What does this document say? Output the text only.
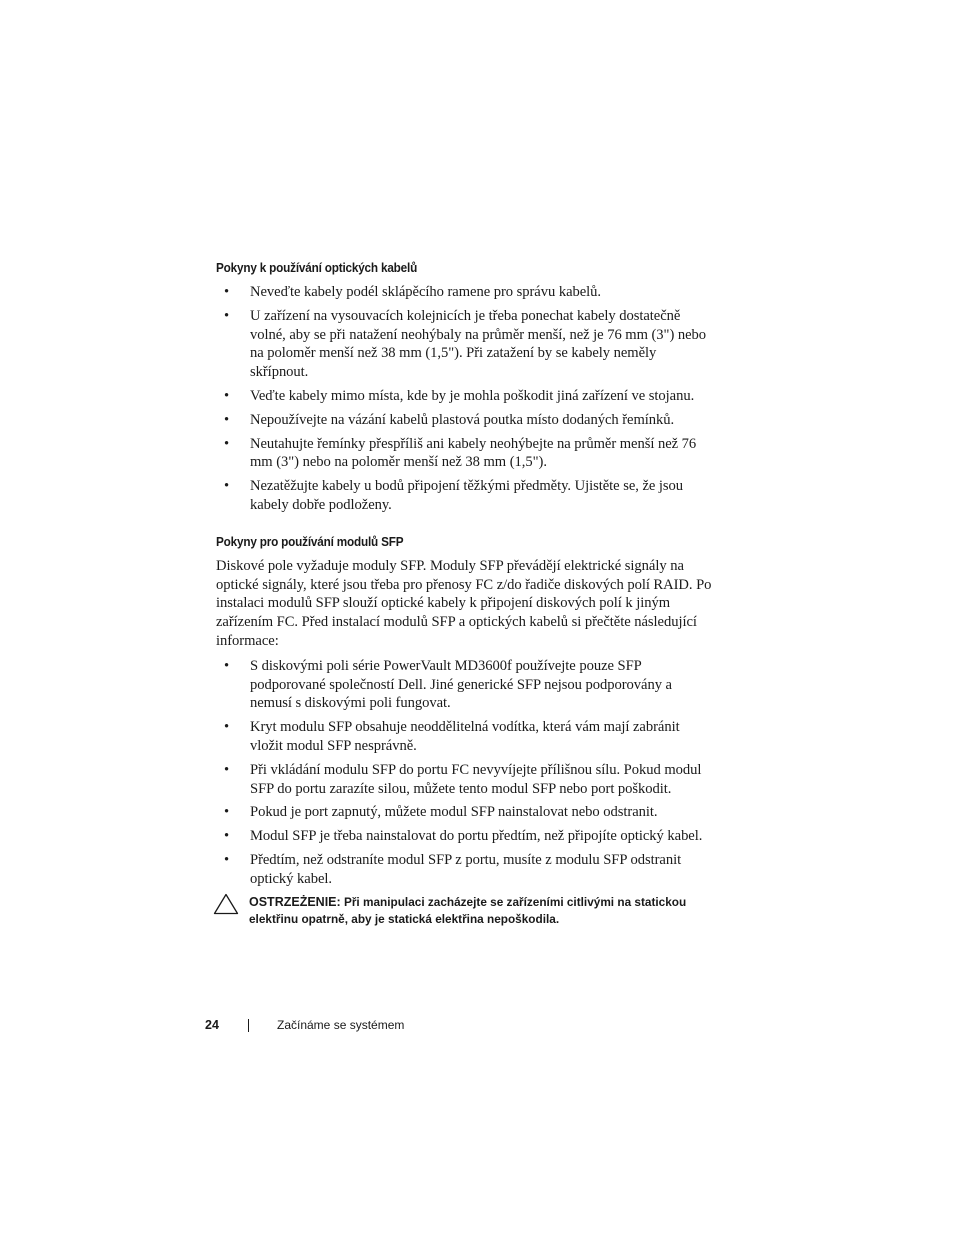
Pokyny k používání optických kabelů
• Neveďte kabely podél sklápěcího ramene pro správu kabelů.
• U zařízení na vysouvacích kolejnicích je třeba ponechat kabely dostatečně volné, aby se při natažení neohýbaly na průměr menší, než je 76 mm (3") nebo na poloměr menší než 38 mm (1,5"). Při zatažení by se kabely neměly skřípnout.
• Veďte kabely mimo místa, kde by je mohla poškodit jiná zařízení ve stojanu.
• Nepoužívejte na vázání kabelů plastová poutka místo dodaných řemínků.
• Neutahujte řemínky přespříliš ani kabely neohýbejte na průměr menší než 76 mm (3") nebo na poloměr menší než 38 mm (1,5").
• Nezatěžujte kabely u bodů připojení těžkými předměty. Ujistěte se, že jsou kabely dobře podloženy.
Pokyny pro používání modulů SFP

Diskové pole vyžaduje moduly SFP. Moduly SFP převádějí elektrické signály na optické signály, které jsou třeba pro přenosy FC z/do řadiče diskových polí RAID. Po instalaci modulů SFP slouží optické kabely k připojení diskových polí k jiným zařízením FC. Před instalací modulů SFP a optických kabelů si přečtěte následující informace:

• S diskovými poli série PowerVault MD3600f používejte pouze SFP podporované společností Dell. Jiné generické SFP nejsou podporovány a nemusí s diskovými poli fungovat.
• Kryt modulu SFP obsahuje neoddělitelná vodítka, která vám mají zabránit vložit modul SFP nesprávně.
• Při vkládání modulu SFP do portu FC nevyvíjejte přílišnou sílu. Pokud modul SFP do portu zarazíte silou, můžete tento modul SFP nebo port poškodit.
• Pokud je port zapnutý, můžete modul SFP nainstalovat nebo odstranit.
• Modul SFP je třeba nainstalovat do portu předtím, než připojíte optický kabel.
• Předtím, než odstraníte modul SFP z portu, musíte z modulu SFP odstranit optický kabel.
OSTRZEŻENIE: Při manipulaci zacházejte se zařízeními citlivými na statickou elektřinu opatrně, aby je statická elektřina nepoškodila.
24	Začínáme se systémem
